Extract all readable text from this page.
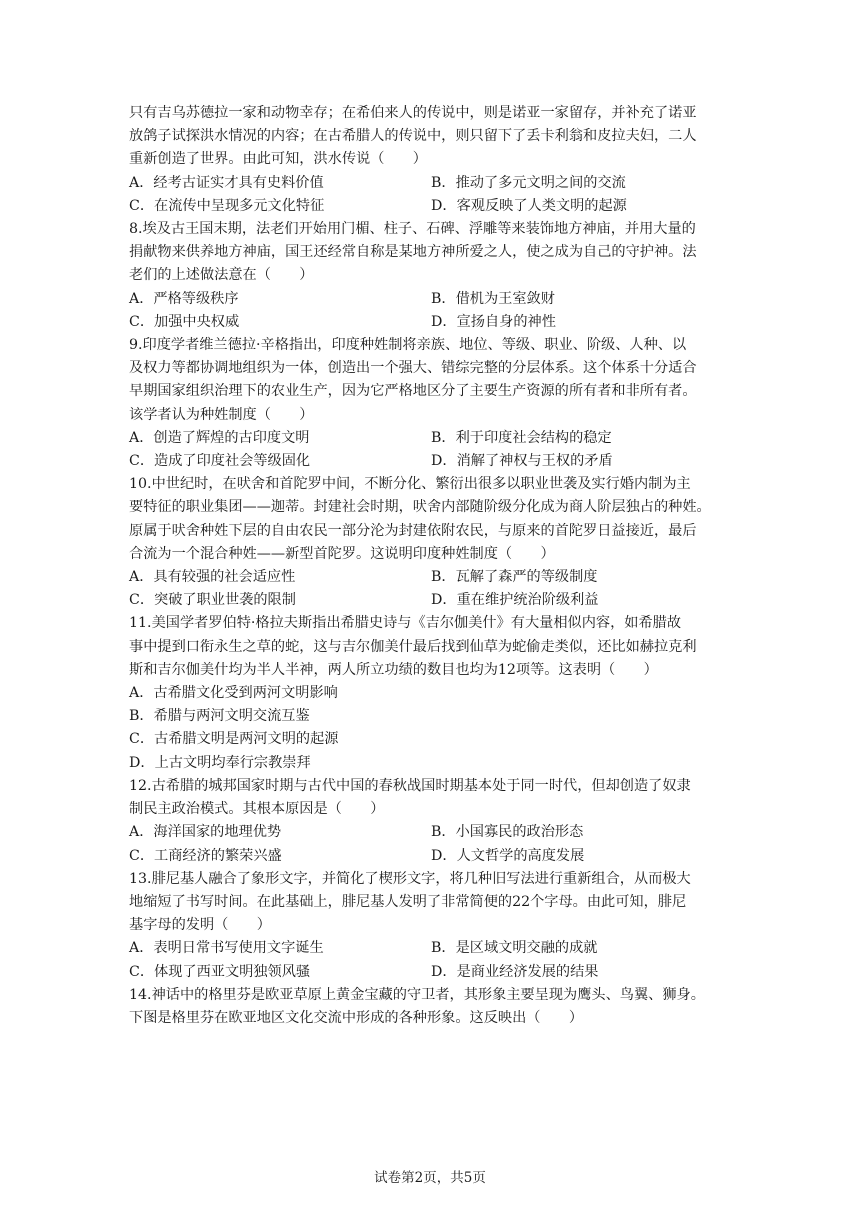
只有吉乌苏德拉一家和动物幸存；在希伯来人的传说中，则是诺亚一家留存，并补充了诺亚
放鸽子试探洪水情况的内容；在古希腊人的传说中，则只留下了丢卡利翁和皮拉夫妇，二人
重新创造了世界。由此可知，洪水传说（　　）
A．经考古证实才具有史料价值	B．推动了多元文明之间的交流
C．在流传中呈现多元文化特征	D．客观反映了人类文明的起源
8.埃及古王国末期，法老们开始用门楣、柱子、石碑、浮雕等来装饰地方神庙，并用大量的
捐献物来供养地方神庙，国王还经常自称是某地方神所爱之人，使之成为自己的守护神。法
老们的上述做法意在（　　）
A．严格等级秩序	B．借机为王室敛财
C．加强中央权威	D．宣扬自身的神性
9.印度学者维兰德拉·辛格指出，印度种姓制将亲族、地位、等级、职业、阶级、人种、以
及权力等都协调地组织为一体，创造出一个强大、错综完整的分层体系。这个体系十分适合
早期国家组织治理下的农业生产，因为它严格地区分了主要生产资源的所有者和非所有者。
该学者认为种姓制度（　　）
A．创造了辉煌的古印度文明	B．利于印度社会结构的稳定
C．造成了印度社会等级固化	D．消解了神权与王权的矛盾
10.中世纪时，在吠舍和首陀罗中间，不断分化、繁衍出很多以职业世袭及实行婚内制为主
要特征的职业集团——迦蒂。封建社会时期，吠舍内部随阶级分化成为商人阶层独占的种姓。
原属于吠舍种姓下层的自由农民一部分沦为封建依附农民，与原来的首陀罗日益接近，最后
合流为一个混合种姓——新型首陀罗。这说明印度种姓制度（　　）
A．具有较强的社会适应性	B．瓦解了森严的等级制度
C．突破了职业世袭的限制	D．重在维护统治阶级利益
11.美国学者罗伯特·格拉夫斯指出希腊史诗与《吉尔伽美什》有大量相似内容，如希腊故
事中提到口衔永生之草的蛇，这与吉尔伽美什最后找到仙草为蛇偷走类似，还比如赫拉克利
斯和吉尔伽美什均为半人半神，两人所立功绩的数目也均为12项等。这表明（　　）
A．古希腊文化受到两河文明影响
B．希腊与两河文明交流互鉴
C．古希腊文明是两河文明的起源
D．上古文明均奉行宗教崇拜
12.古希腊的城邦国家时期与古代中国的春秋战国时期基本处于同一时代，但却创造了奴隶
制民主政治模式。其根本原因是（　　）
A．海洋国家的地理优势	B．小国寡民的政治形态
C．工商经济的繁荣兴盛	D．人文哲学的高度发展
13.腓尼基人融合了象形文字，并简化了楔形文字，将几种旧写法进行重新组合，从而极大
地缩短了书写时间。在此基础上，腓尼基人发明了非常简便的22个字母。由此可知，腓尼
基字母的发明（　　）
A．表明日常书写使用文字诞生	B．是区域文明交融的成就
C．体现了西亚文明独领风骚	D．是商业经济发展的结果
14.神话中的格里芬是欧亚草原上黄金宝藏的守卫者，其形象主要呈现为鹰头、鸟翼、狮身。
下图是格里芬在欧亚地区文化交流中形成的各种形象。这反映出（　　）
试卷第2页，共5页
